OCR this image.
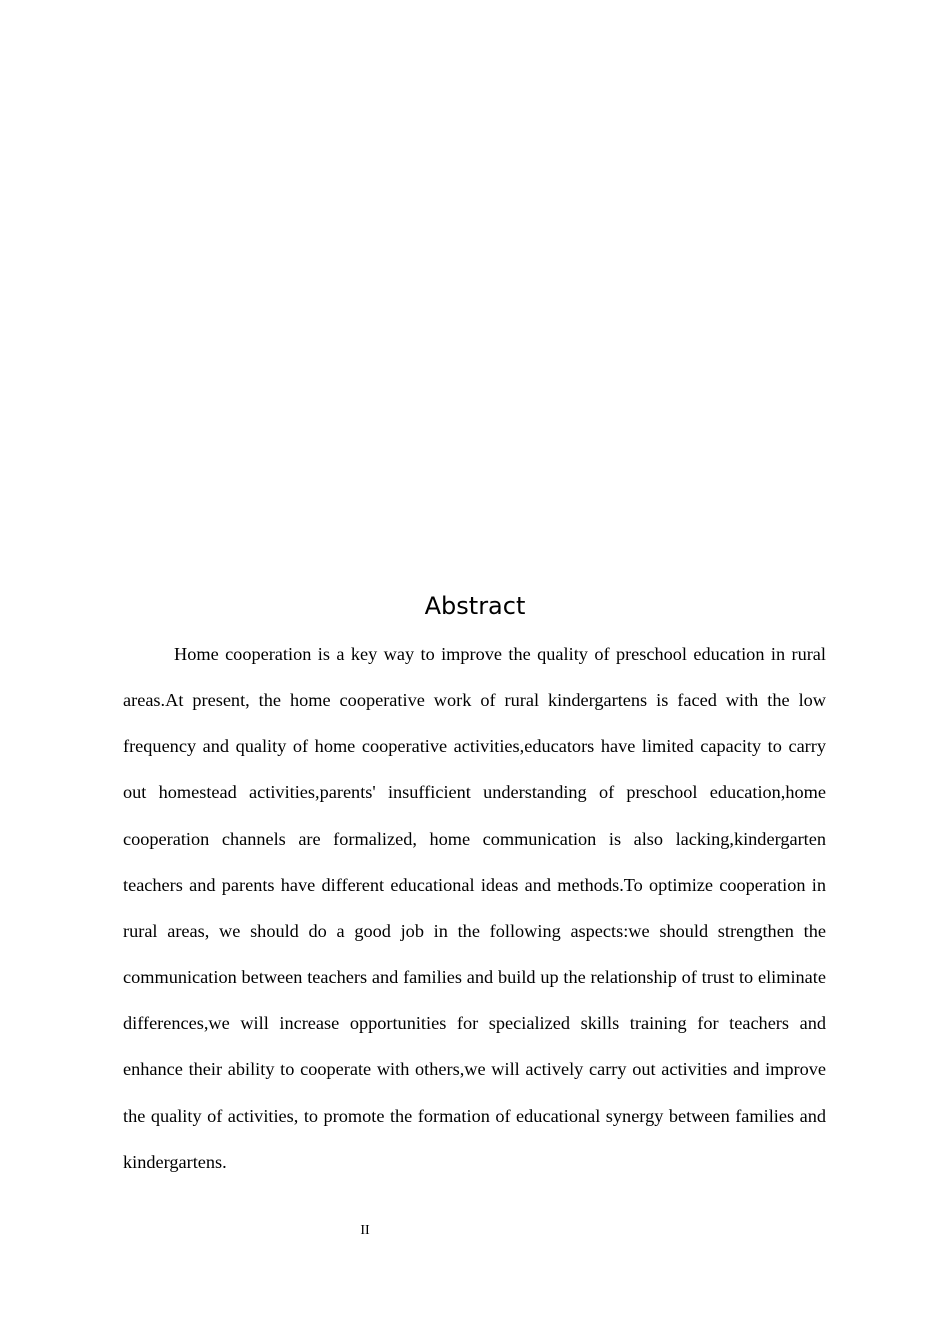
Abstract

Home cooperation is a key way to improve the quality of preschool education in rural areas.At present, the home cooperative work of rural kindergartens is faced with the low frequency and quality of home cooperative activities,educators have limited capacity to carry out homestead activities,parents' insufficient understanding of preschool education,home cooperation channels are formalized, home communication is also lacking,kindergarten teachers and parents have different educational ideas and methods.To optimize cooperation in rural areas, we should do a good job in the following aspects:we should strengthen the communication between teachers and families and build up the relationship of trust to eliminate differences,we will increase opportunities for specialized skills training for teachers and enhance their ability to cooperate with others,we will actively carry out activities and improve the quality of activities, to promote the formation of educational synergy between families and kindergartens.

II
